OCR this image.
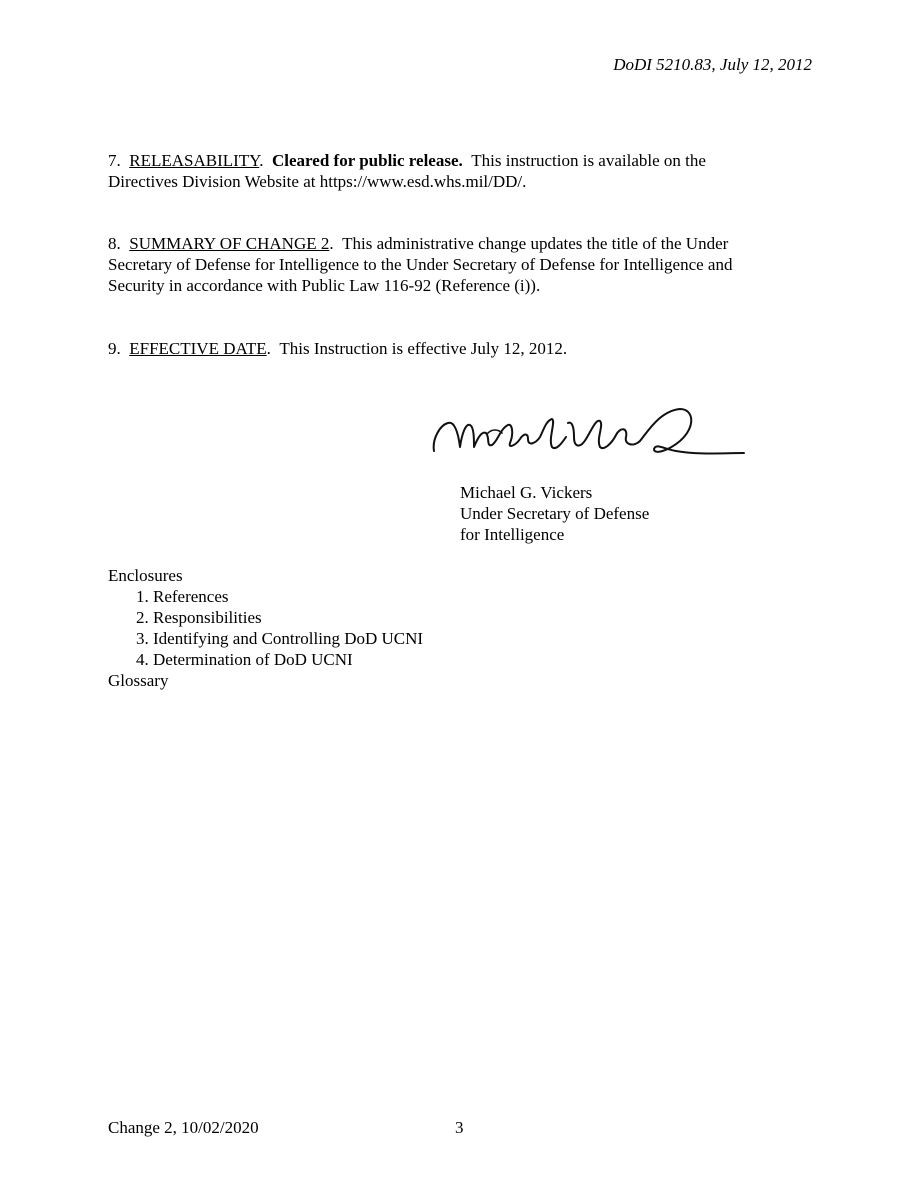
DoDI 5210.83, July 12, 2012

7. RELEASABILITY.  Cleared for public release. This instruction is available on the

Directives Division Website at https://www.esd.whs.mil/DD/.

8. SUMMARY OF CHANGE 2.  This administrative change updates the title of the Under

Secretary of Defense for Intelligence to the Under Secretary of Defense for Intelligence and

Security in accordance with Public Law 116-92 (Reference (i)).

9. EFFECTIVE DATE.  This Instruction is effective July 12, 2012.

Michael G. Vickers
Under Secretary of Defense
for Intelligence
Enclosures
1. References
2. Responsibilities
3. Identifying and Controlling DoD UCNI
4. Determination of DoD UCNI
Glossary
Change 2, 10/02/2020	3
